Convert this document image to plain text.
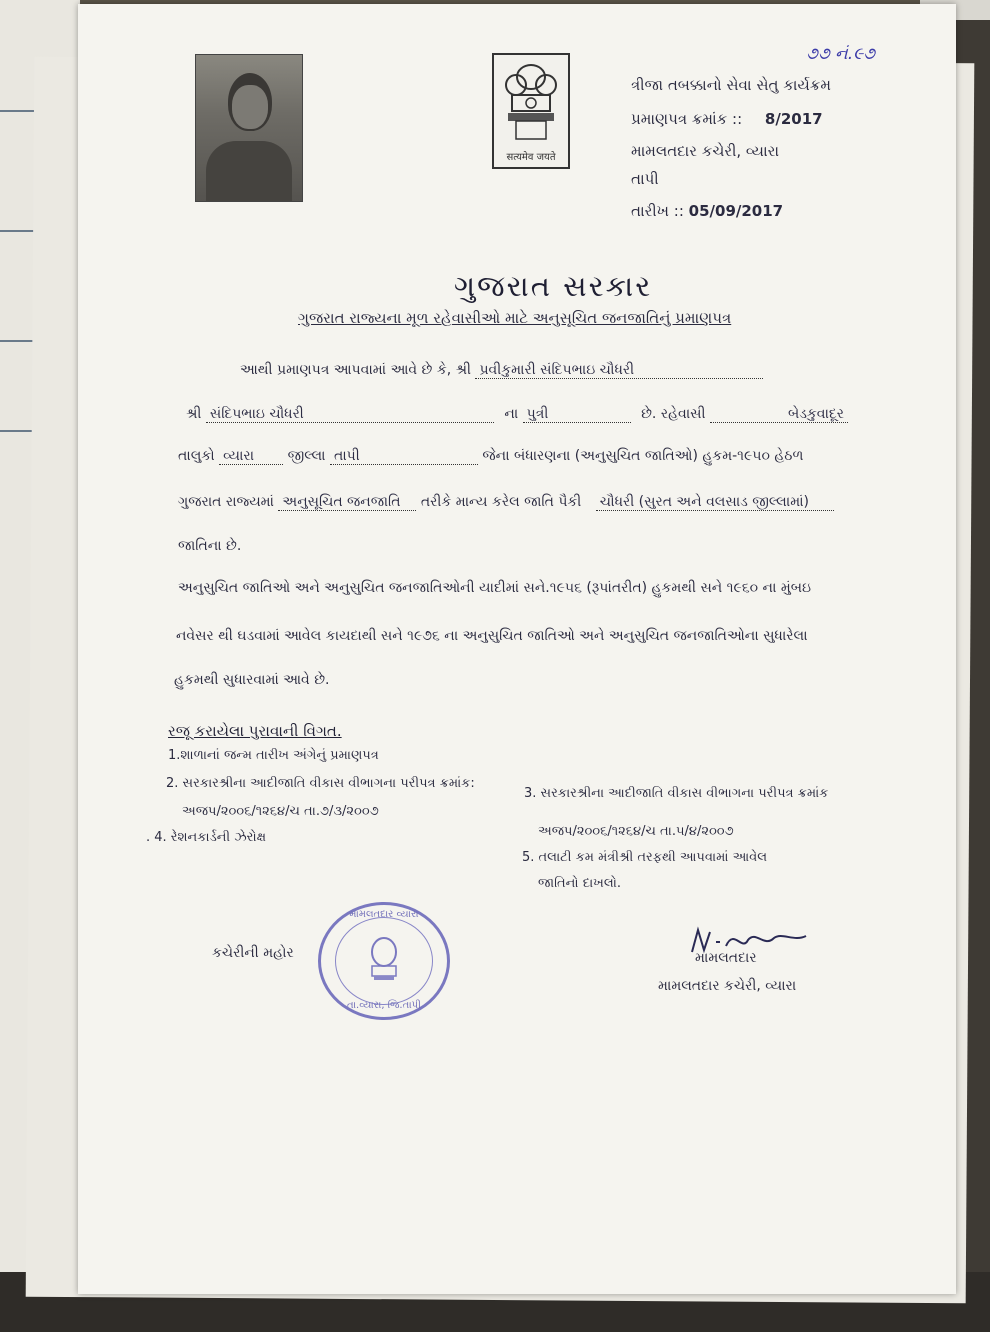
सत्यमेव जयते
૭૭ નં.૯૭
ત્રીજા તબક્કાનો સેવા સેતુ કાર્યક્રમ
પ્રમાણપત્ર ક્રમાંક :: 8/2017
મામલતદાર કચેરી, વ્યારા
તાપી
તારીખ :: 05/09/2017
ગુજરાત સરકાર
ગુજરાત રાજ્યના મૂળ રહેવાસીઓ માટે અનુસૂચિત જનજાતિનું પ્રમાણપત્ર
આથી પ્રમાણપત્ર આપવામાં આવે છે કે, શ્રી પ્રવીકુમારી સંદિપભાઇ ચૌધરી
શ્રી સંદિપભાઇ ચૌધરી	ના પુત્રી	છે. રહેવાસી	બેડકુવાદૂર
તાલુકો વ્યારા જીલ્લા તાપી	જેના બંધારણના (અનુસુચિત જાતિઓ) હુકમ-૧૯૫૦ હેઠળ
ગુજરાત રાજ્યમાં અનુસૂચિત જનજાતિ તરીકે માન્ય કરેલ જાતિ પૈકી ચૌધરી (સુરત અને વલસાડ જીલ્લામાં)
જાતિના છે.
અનુસુચિત જાતિઓ અને અનુસુચિત જનજાતિઓની યાદીમાં સને.૧૯૫૬ (રૂપાંતરીત) હુકમથી સને ૧૯૬૦ ના મુંબઇ
નવેસર થી ઘડવામાં આવેલ કાયદાથી સને ૧૯૭૬ ના અનુસુચિત જાતિઓ અને અનુસુચિત જનજાતિઓના સુધારેલા
હુકમથી સુધારવામાં આવે છે.
રજૂ કરાયેલા પુરાવાની વિગત.
1.શાળાનાં જન્મ તારીખ અંગેનું પ્રમાણપત્ર
2. સરકારશ્રીના આદીજાતિ વીકાસ વીભાગના પરીપત્ર ક્રમાંક:
અજપ/૨૦૦૬/૧૨૬૪/ચ તા.૭/૩/૨૦૦૭
3. સરકારશ્રીના આદીજાતિ વીકાસ વીભાગના પરીપત્ર ક્રમાંક
અજપ/૨૦૦૬/૧૨૬૪/ચ તા.૫/૪/૨૦૦૭
. 4. રેશનકાર્ડની ઝેરોક્ષ
5. તલાટી કમ મંત્રીશ્રી તરફથી આપવામાં આવેલ
જાતિનો દાખલો.
કચેરીની મહોર
મામલતદાર વ્યારા
તા.વ્યારા, જિ.તાપી
મામલતદાર
મામલતદાર કચેરી, વ્યારા
